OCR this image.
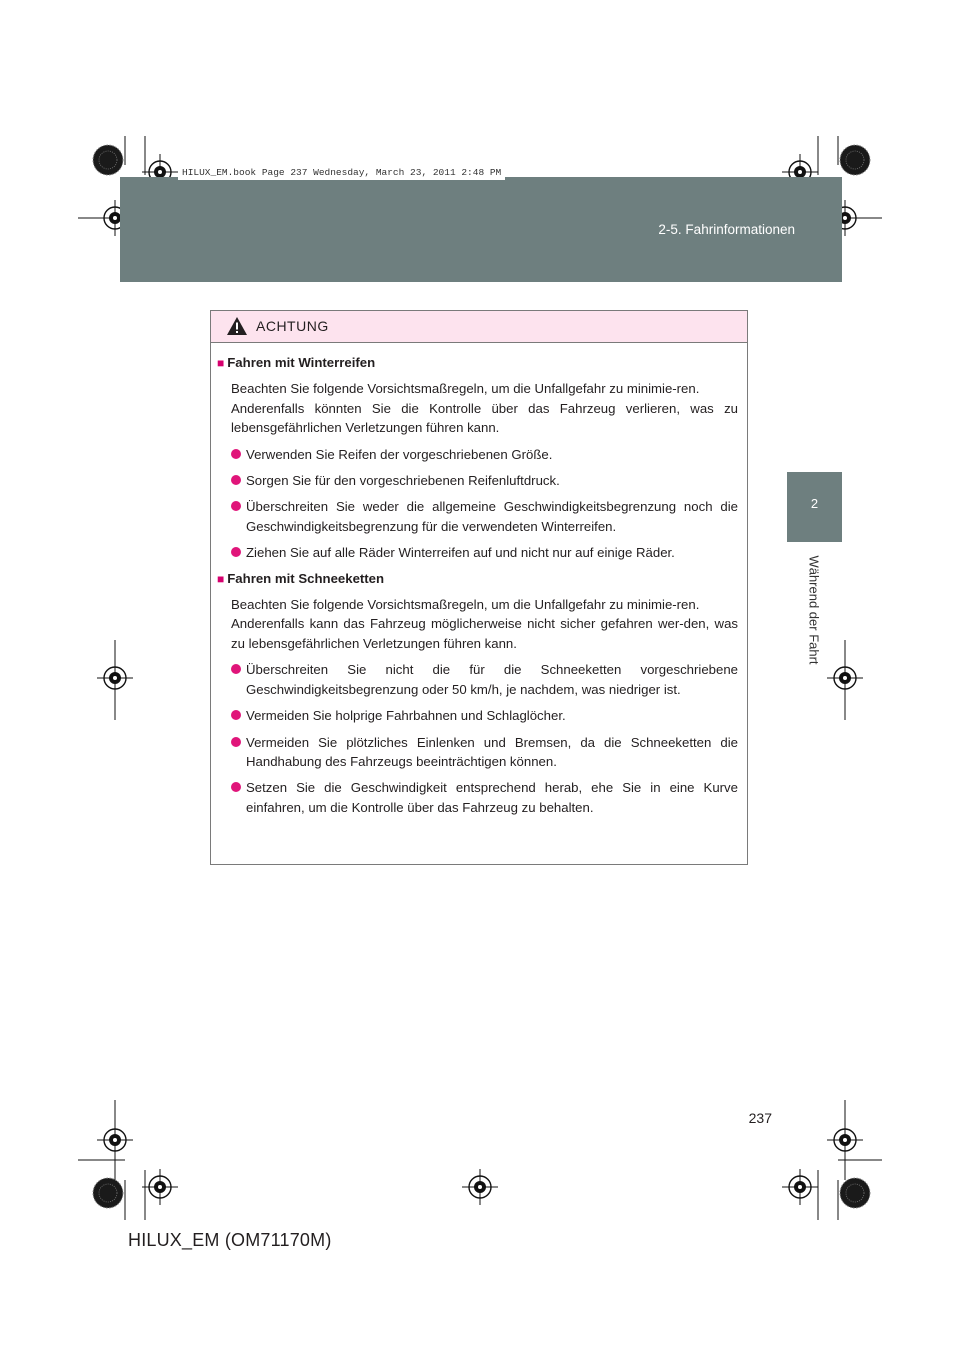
HILUX_EM.book Page 237 Wednesday, March 23, 2011 2:48 PM
2-5. Fahrinformationen
2
Während der Fahrt
ACHTUNG
■ Fahren mit Winterreifen
Beachten Sie folgende Vorsichtsmaßregeln, um die Unfallgefahr zu minimie-ren.
Anderenfalls könnten Sie die Kontrolle über das Fahrzeug verlieren, was zu lebensgefährlichen Verletzungen führen kann.
Verwenden Sie Reifen der vorgeschriebenen Größe.
Sorgen Sie für den vorgeschriebenen Reifenluftdruck.
Überschreiten Sie weder die allgemeine Geschwindigkeitsbegrenzung noch die Geschwindigkeitsbegrenzung für die verwendeten Winterreifen.
Ziehen Sie auf alle Räder Winterreifen auf und nicht nur auf einige Räder.
■ Fahren mit Schneeketten
Beachten Sie folgende Vorsichtsmaßregeln, um die Unfallgefahr zu minimie-ren.
Anderenfalls kann das Fahrzeug möglicherweise nicht sicher gefahren wer-den, was zu lebensgefährlichen Verletzungen führen kann.
Überschreiten Sie nicht die für die Schneeketten vorgeschriebene Geschwindigkeitsbegrenzung oder 50 km/h, je nachdem, was niedriger ist.
Vermeiden Sie holprige Fahrbahnen und Schlaglöcher.
Vermeiden Sie plötzliches Einlenken und Bremsen, da die Schneeketten die Handhabung des Fahrzeugs beeinträchtigen können.
Setzen Sie die Geschwindigkeit entsprechend herab, ehe Sie in eine Kurve einfahren, um die Kontrolle über das Fahrzeug zu behalten.
237
HILUX_EM (OM71170M)
